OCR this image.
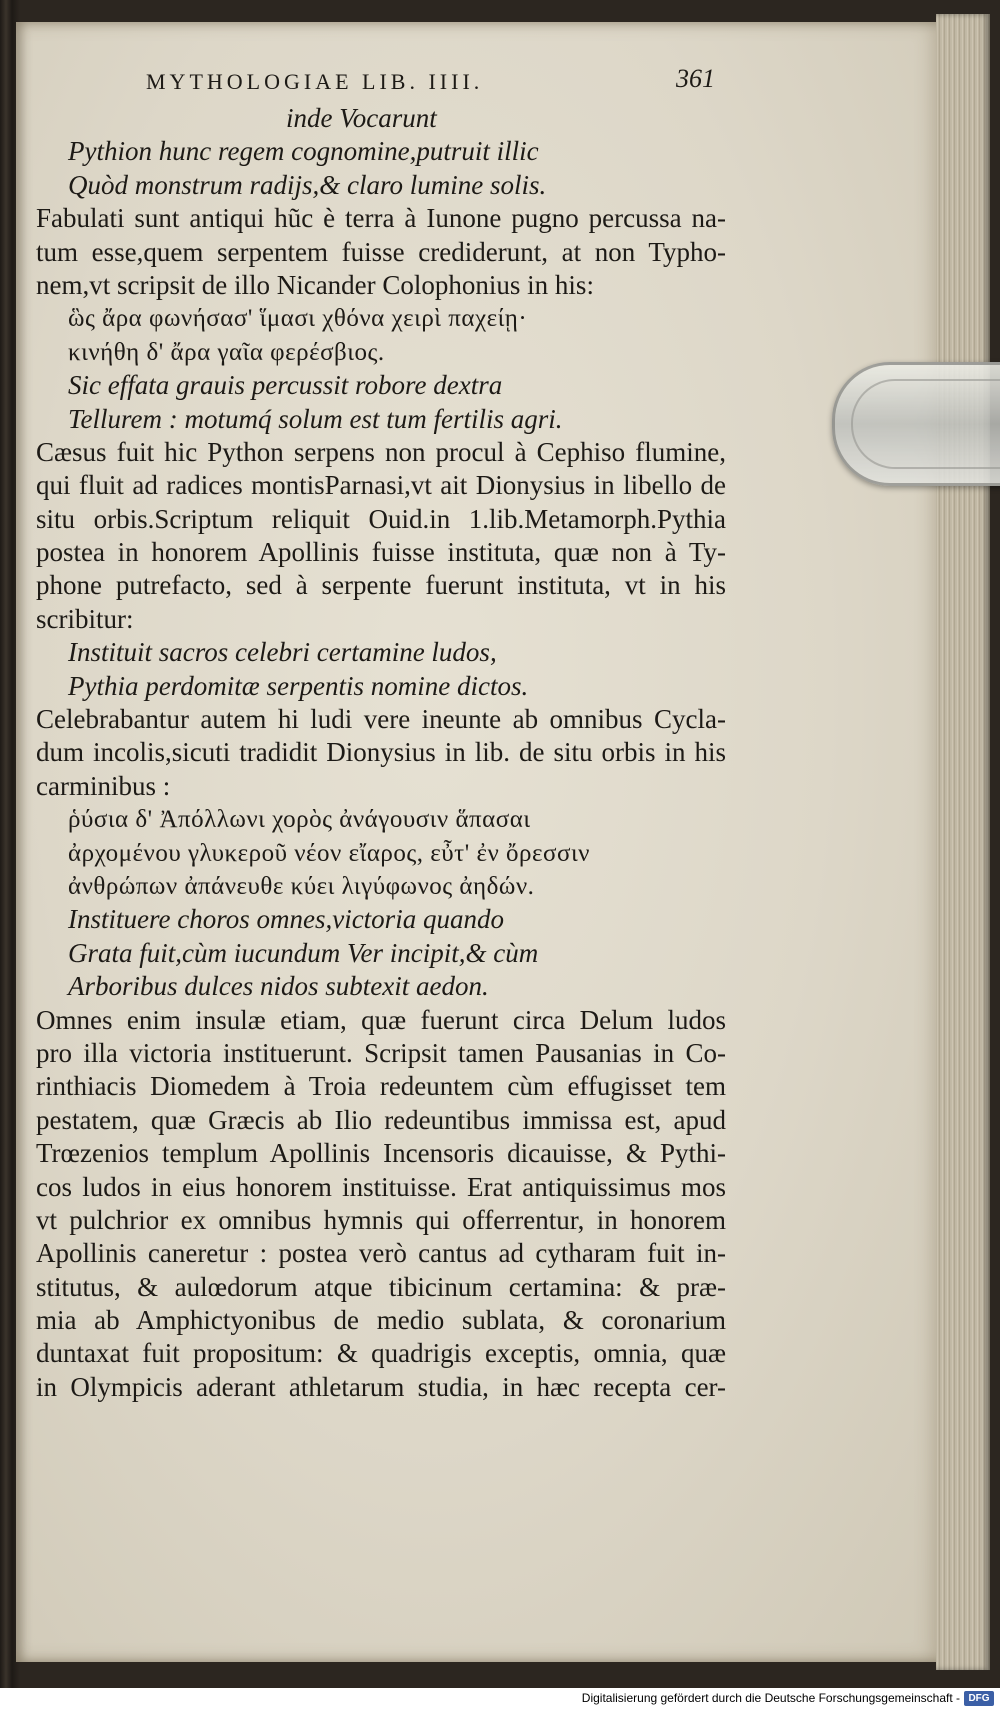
MYTHOLOGIAE LIB. IIII.	361
inde Vocarunt
Pythion hunc regem cognomine,putruit illic
Quòd monstrum radijs,& claro lumine solis.
Fabulati sunt antiqui hũc è terra à Iunone pugno percussa na-
tum esse,quem serpentem fuisse crediderunt, at non Typho-
nem,vt scripsit de illo Nicander Colophonius in his:
ὣς ἄρα φωνήσασ' ἵμασι χθόνα χειρὶ παχείῃ·
κινήθη δ' ἄρα γαῖα φερέσβιος.
Sic effata grauis percussit robore dextra
Tellurem : motumq́ solum est tum fertilis agri.
Cæsus fuit hic Python serpens non procul à Cephiso flumine,
qui fluit ad radices montisParnasi,vt ait Dionysius in libello de
situ orbis.Scriptum reliquit Ouid.in 1.lib.Metamorph.Pythia
postea in honorem Apollinis fuisse instituta, quæ non à Ty-
phone putrefacto, sed à serpente fuerunt instituta, vt in his
scribitur:
Instituit sacros celebri certamine ludos,
Pythia perdomitæ serpentis nomine dictos.
Celebrabantur autem hi ludi vere ineunte ab omnibus Cycla-
dum incolis,sicuti tradidit Dionysius in lib. de situ orbis in his
carminibus :
ῥύσια δ' Ἀπόλλωνι χορὸς ἀνάγουσιν ἅπασαι
ἀρχομένου γλυκεροῦ νέον εἴαρος, εὖτ' ἐν ὄρεσσιν
ἀνθρώπων ἀπάνευθε κύει λιγύφωνος ἀηδών.
Instituere choros omnes,victoria quando
Grata fuit,cùm iucundum Ver incipit,& cùm
Arboribus dulces nidos subtexit aedon.
Omnes enim insulæ etiam, quæ fuerunt circa Delum ludos
pro illa victoria instituerunt. Scripsit tamen Pausanias in Co-
rinthiacis Diomedem à Troia redeuntem cùm effugisset tem
pestatem, quæ Græcis ab Ilio redeuntibus immissa est, apud
Trœzenios templum Apollinis Incensoris dicauisse, & Pythi-
cos ludos in eius honorem instituisse. Erat antiquissimus mos
vt pulchrior ex omnibus hymnis qui offerrentur, in honorem
Apollinis caneretur : postea verò cantus ad cytharam fuit in-
stitutus, & aulœdorum atque tibicinum certamina: & præ-
mia ab Amphictyonibus de medio sublata, & coronarium
duntaxat fuit propositum: & quadrigis exceptis, omnia, quæ
in Olympicis aderant athletarum studia, in hæc recepta cer-
Digitalisierung gefördert durch die Deutsche Forschungsgemeinschaft - DFG
